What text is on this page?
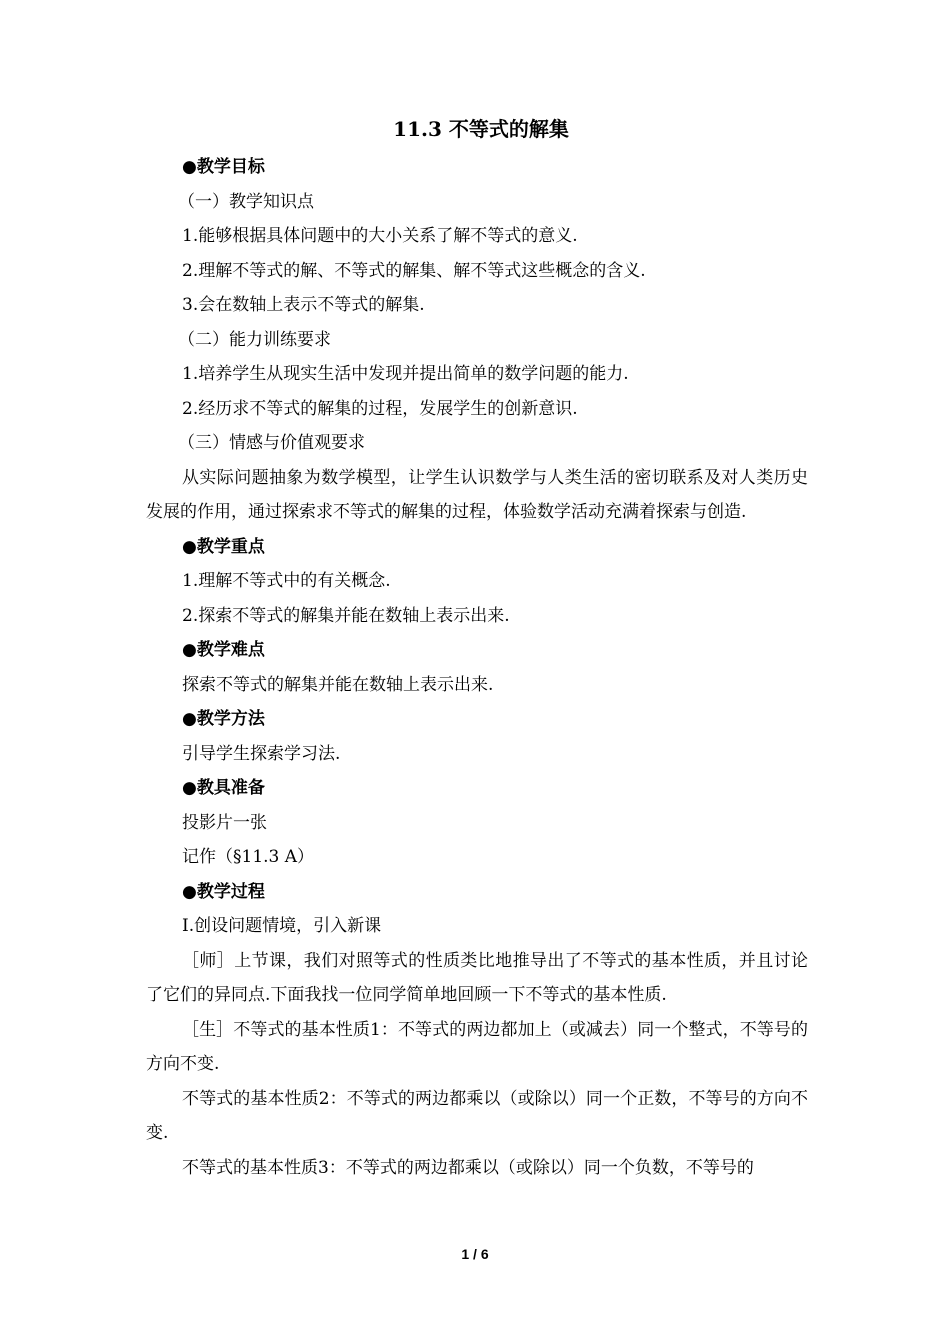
11.3 不等式的解集
●教学目标
（一）教学知识点
1.能够根据具体问题中的大小关系了解不等式的意义.
2.理解不等式的解、不等式的解集、解不等式这些概念的含义.
3.会在数轴上表示不等式的解集.
（二）能力训练要求
1.培养学生从现实生活中发现并提出简单的数学问题的能力.
2.经历求不等式的解集的过程，发展学生的创新意识.
（三）情感与价值观要求
从实际问题抽象为数学模型，让学生认识数学与人类生活的密切联系及对人类历史发展的作用，通过探索求不等式的解集的过程，体验数学活动充满着探索与创造.
●教学重点
1.理解不等式中的有关概念.
2.探索不等式的解集并能在数轴上表示出来.
●教学难点
探索不等式的解集并能在数轴上表示出来.
●教学方法
引导学生探索学习法.
●教具准备
投影片一张
记作（§11.3 A）
●教学过程
Ⅰ.创设问题情境，引入新课
［师］上节课，我们对照等式的性质类比地推导出了不等式的基本性质，并且讨论了它们的异同点.下面我找一位同学简单地回顾一下不等式的基本性质.
［生］不等式的基本性质1：不等式的两边都加上（或减去）同一个整式，不等号的方向不变.
不等式的基本性质2：不等式的两边都乘以（或除以）同一个正数，不等号的方向不变.
不等式的基本性质3：不等式的两边都乘以（或除以）同一个负数，不等号的
1 / 6
